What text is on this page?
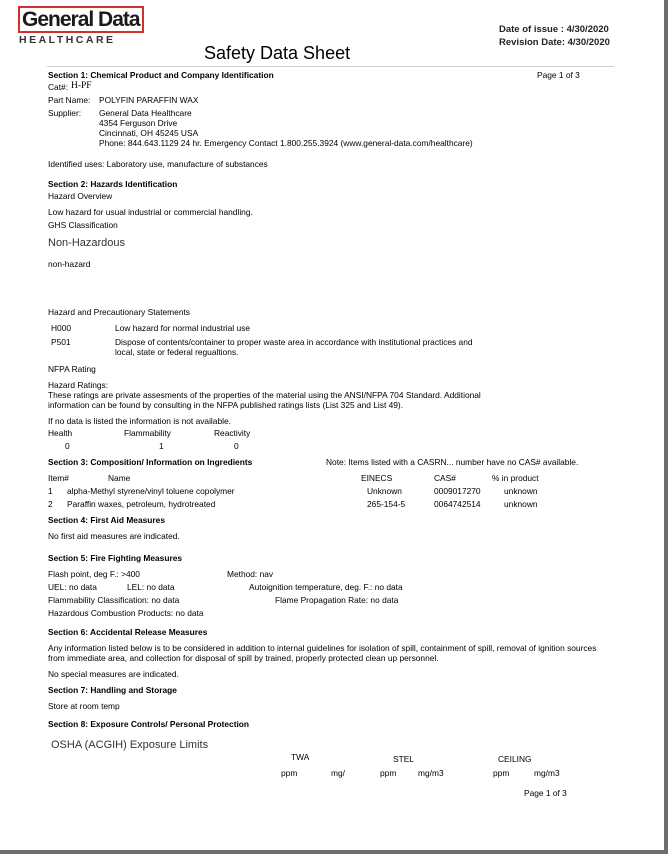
General Data
HEALTHCARE
Date of issue : 4/30/2020
Revision Date: 4/30/2020
Safety Data Sheet
Section 1: Chemical Product and Company Identification	Page 1 of 3
Cat#: H-PF
Part Name: POLYFIN PARAFFIN WAX
Supplier: General Data Healthcare
4354 Ferguson Drive
Cincinnati, OH 45245 USA
Phone: 844.643.1129 24 hr. Emergency Contact 1.800.255.3924 (www.general-data.com/healthcare)
Identified uses: Laboratory use, manufacture of substances
Section 2: Hazards Identification
Hazard Overview
Low hazard for usual industrial or commercial handling.
GHS Classification
Non-Hazardous
non-hazard
Hazard and Precautionary Statements
H000	Low hazard for normal industrial use
P501	Dispose of contents/container to proper waste area in accordance with institutional practices and
local, state or federal regualtions.
NFPA Rating
Hazard Ratings:
These ratings are private assesments of the properties of the material using the ANSI/NFPA 704 Standard. Additional
information can be found by consulting in the NFPA published ratings lists (List 325 and List 49).
If no data is listed the information is not available.
Health	Flammability	Reactivity
0	1	0
Section 3: Composition/ Information on Ingredients	Note: Items listed with a CASRN... number have no CAS# available.
Item#	Name	EINECS	CAS#	% in product
1 alpha-Methyl styrene/vinyl toluene copolymer	Unknown	0009017270	unknown
2 Paraffin waxes, petroleum, hydrotreated	265-154-5	0064742514	unknown
Section 4: First Aid Measures
No first aid measures are indicated.
Section 5: Fire Fighting Measures
Flash point, deg F.: >400	Method: nav
UEL: no data	LEL: no data	Autoignition temperature, deg. F.: no data
Flammability Classification: no data	Flame Propagation Rate: no data
Hazardous Combustion Products: no data
Section 6: Accidental Release Measures
Any information listed below is to be considered in addition to internal guidelines for isolation of spill, containment of spill, removal of ignition sources
from immediate area, and collection for disposal of spill by trained, properly protected clean up personnel.
No special measures are indicated.
Section 7: Handling and Storage
Store at room temp
Section 8: Exposure Controls/ Personal Protection
OSHA (ACGIH) Exposure Limits
TWA	STEL	CEILING
ppm	mg/	ppm	mg/m3	ppm	mg/m3
Page 1 of 3
